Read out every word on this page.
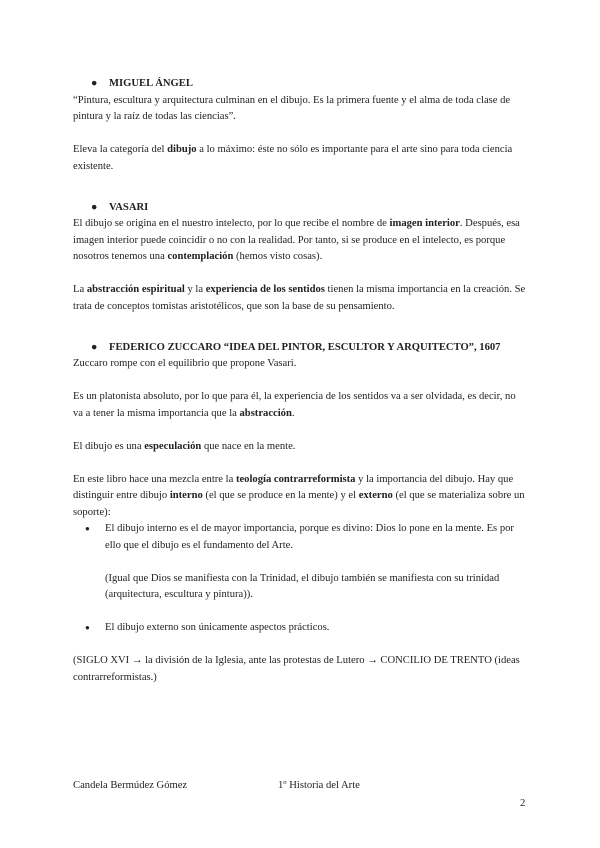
● MIGUEL ÁNGEL

“Pintura, escultura y arquitectura culminan en el dibujo. Es la primera fuente y el alma de toda clase de pintura y la raíz de todas las ciencias”.

Eleva la categoría del dibujo a lo máximo: éste no sólo es importante para el arte sino para toda ciencia existente.

● VASARI

El dibujo se origina en el nuestro intelecto, por lo que recibe el nombre de imagen interior. Después, esa imagen interior puede coincidir o no con la realidad. Por tanto, si se produce en el intelecto, es porque nosotros tenemos una contemplación (hemos visto cosas).

La abstracción espiritual y la experiencia de los sentidos tienen la misma importancia en la creación. Se trata de conceptos tomistas aristotélicos, que son la base de su pensamiento.

● FEDERICO ZUCCARO “IDEA DEL PINTOR, ESCULTOR Y ARQUITECTO”, 1607

Zuccaro rompe con el equilibrio que propone Vasari.

Es un platonista absoluto, por lo que para él, la experiencia de los sentidos va a ser olvidada, es decir, no va a tener la misma importancia que la abstracción.

El dibujo es una especulación que nace en la mente.

En este libro hace una mezcla entre la teología contrarreformista y la importancia del dibujo. Hay que distinguir entre dibujo interno (el que se produce en la mente) y el externo (el que se materializa sobre un soporte):

● El dibujo interno es el de mayor importancia, porque es divino: Dios lo pone en la mente. Es por ello que el dibujo es el fundamento del Arte.

(Igual que Dios se manifiesta con la Trinidad, el dibujo también se manifiesta con su trinidad (arquitectura, escultura y pintura)).

● El dibujo externo son únicamente aspectos prácticos.

(SIGLO XVI → la división de la Iglesia, ante las protestas de Lutero → CONCILIO DE TRENTO (ideas contrarreformistas.)

Candela Bermúdez Gómez	1º Historia del Arte
2
